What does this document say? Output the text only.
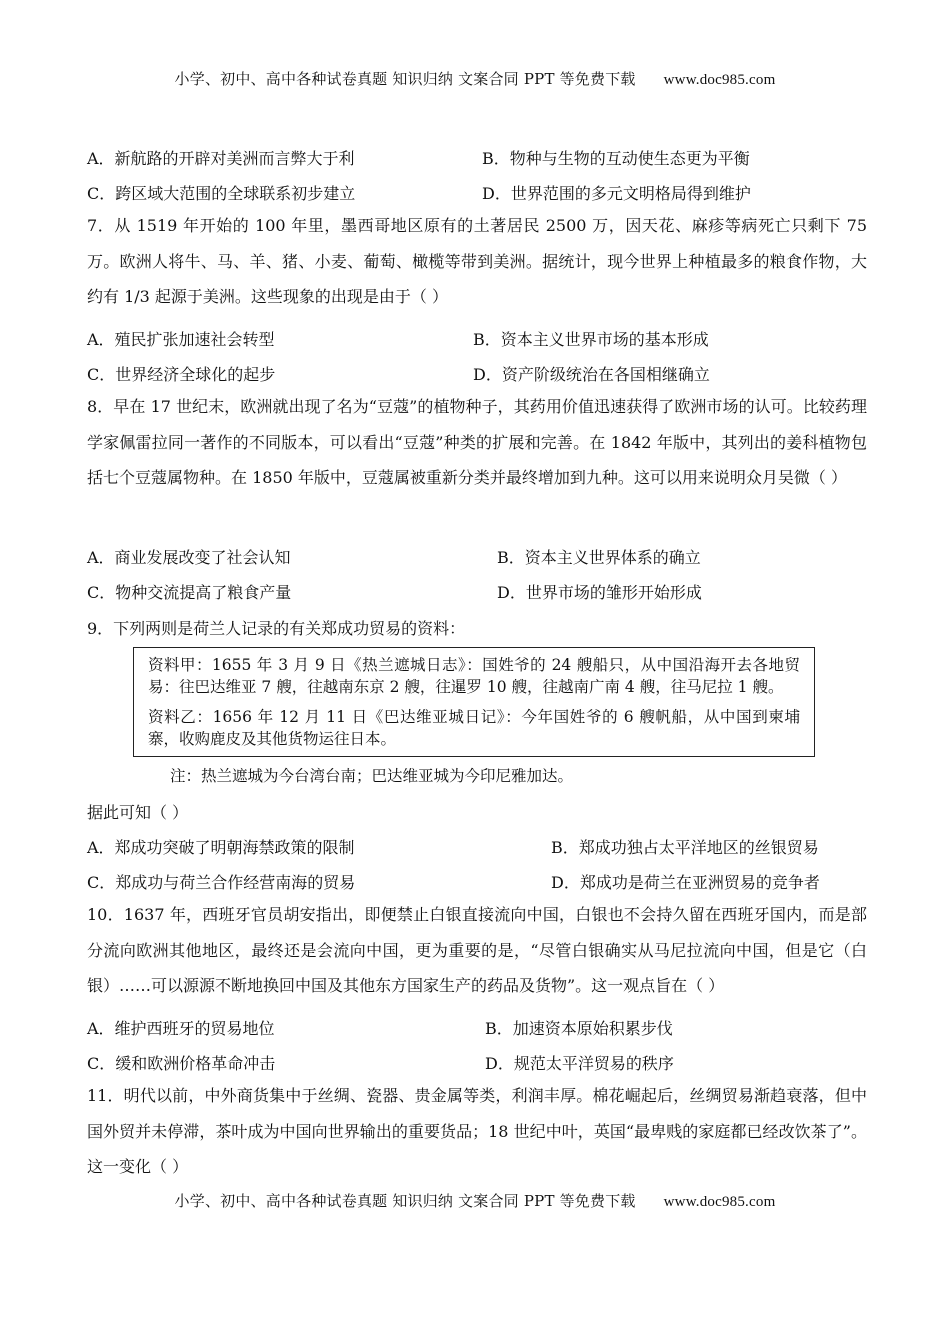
小学、初中、高中各种试卷真题 知识归纳 文案合同 PPT 等免费下载 www.doc985.com
A．新航路的开辟对美洲而言弊大于利	B．物种与生物的互动使生态更为平衡
C．跨区域大范围的全球联系初步建立	D．世界范围的多元文明格局得到维护
7．从 1519 年开始的 100 年里，墨西哥地区原有的土著居民 2500 万，因天花、麻疹等病死亡只剩下 75 万。欧洲人将牛、马、羊、猪、小麦、葡萄、橄榄等带到美洲。据统计，现今世界上种植最多的粮食作物，大约有 1/3 起源于美洲。这些现象的出现是由于（ ）
A．殖民扩张加速社会转型	B．资本主义世界市场的基本形成
C．世界经济全球化的起步	D．资产阶级统治在各国相继确立
8．早在 17 世纪末，欧洲就出现了名为“豆蔻”的植物种子，其药用价值迅速获得了欧洲市场的认可。比较药理学家佩雷拉同一著作的不同版本，可以看出“豆蔻”种类的扩展和完善。在 1842 年版中，其列出的姜科植物包括七个豆蔻属物种。在 1850 年版中，豆蔻属被重新分类并最终增加到九种。这可以用来说明众月吴微（ ）
A．商业发展改变了社会认知	B．资本主义世界体系的确立
C．物种交流提高了粮食产量	D．世界市场的雏形开始形成
9．下列两则是荷兰人记录的有关郑成功贸易的资料：

资料甲：1655 年 3 月 9 日《热兰遮城日志》：国姓爷的 24 艘船只，从中国沿海开去各地贸易：往巴达维亚 7 艘，往越南东京 2 艘，往暹罗 10 艘，往越南广南 4 艘，往马尼拉 1 艘。

资料乙：1656 年 12 月 11 日《巴达维亚城日记》：今年国姓爷的 6 艘帆船，从中国到柬埔寨，收购鹿皮及其他货物运往日本。

注：热兰遮城为今台湾台南；巴达维亚城为今印尼雅加达。
据此可知（ ）
A．郑成功突破了明朝海禁政策的限制	B．郑成功独占太平洋地区的丝银贸易
C．郑成功与荷兰合作经营南海的贸易	D．郑成功是荷兰在亚洲贸易的竞争者
10．1637 年，西班牙官员胡安指出，即便禁止白银直接流向中国，白银也不会持久留在西班牙国内，而是部分流向欧洲其他地区，最终还是会流向中国，更为重要的是，“尽管白银确实从马尼拉流向中国，但是它（白银）……可以源源不断地换回中国及其他东方国家生产的药品及货物”。这一观点旨在（ ）
A．维护西班牙的贸易地位	B．加速资本原始积累步伐
C．缓和欧洲价格革命冲击	D．规范太平洋贸易的秩序
11．明代以前，中外商货集中于丝绸、瓷器、贵金属等类，利润丰厚。棉花崛起后，丝绸贸易渐趋衰落，但中国外贸并未停滞，茶叶成为中国向世界输出的重要货品；18 世纪中叶，英国“最卑贱的家庭都已经改饮茶了”。这一变化（ ）
小学、初中、高中各种试卷真题 知识归纳 文案合同 PPT 等免费下载 www.doc985.com
